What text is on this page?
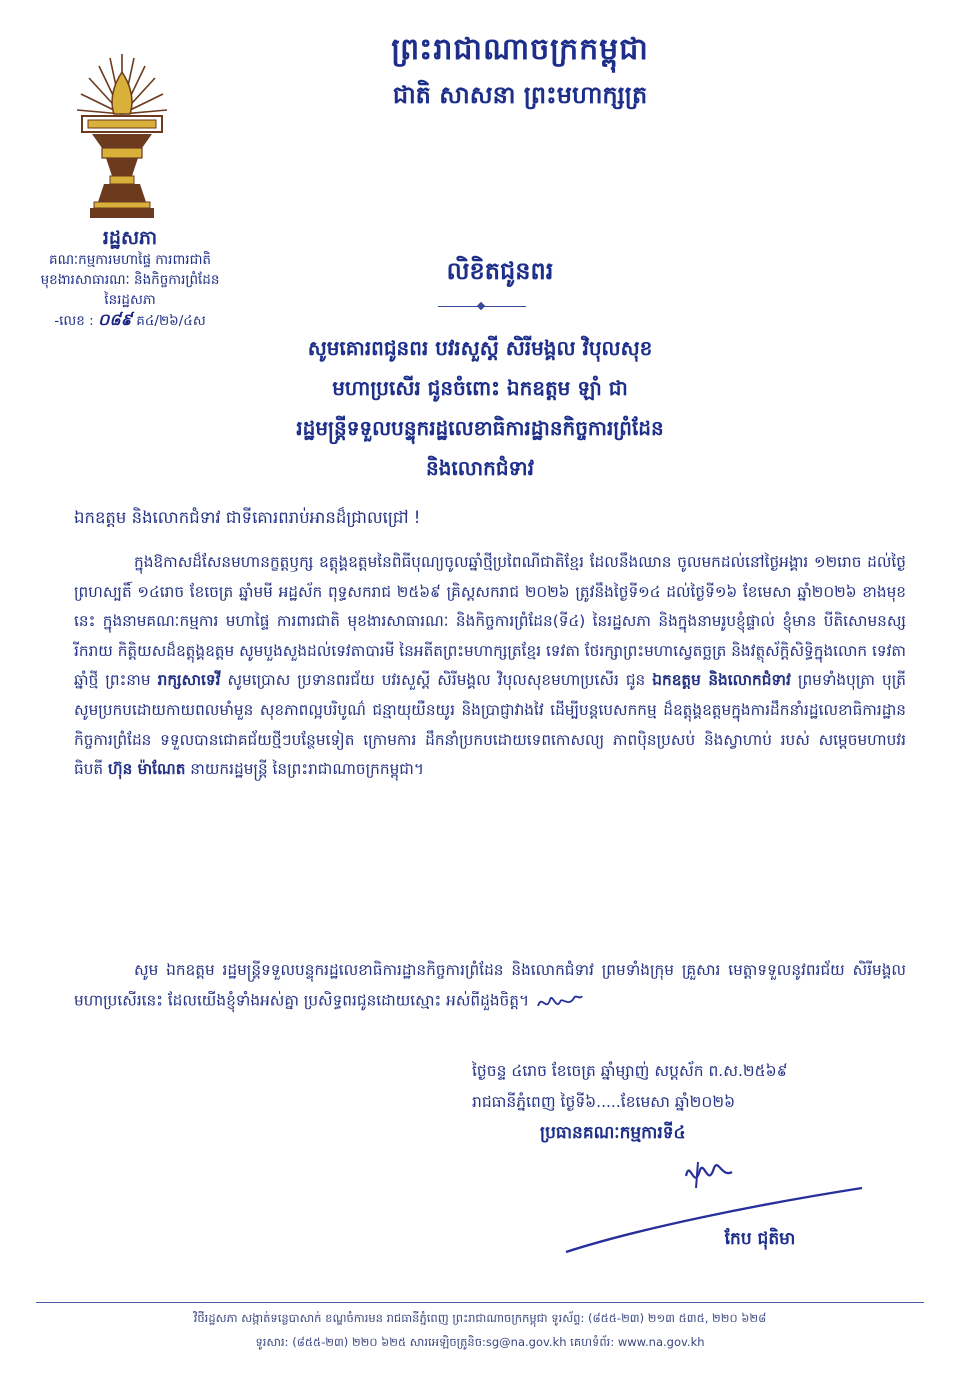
ព្រះរាជាណាចក្រកម្ពុជា
ជាតិ សាសនា ព្រះមហាក្សត្រ
រដ្ឋសភា
គណៈកម្មការមហាផ្ទៃ ការពារជាតិ
មុខងារសាធារណៈ និងកិច្ចការព្រំដែន
នៃរដ្ឋសភា
-លេខ : ០៨៩ គ៤/២៦/៤ស
លិខិតជូនពរ
សូមគោរពជូនពរ បវរសួស្តី សិរីមង្គល វិបុលសុខ
មហាប្រសើរ ជូនចំពោះ ឯកឧត្តម ឡាំ ជា
រដ្ឋមន្ត្រីទទួលបន្ទុករដ្ឋលេខាធិការដ្ឋានកិច្ចការព្រំដែន
និងលោកជំទាវ
ឯកឧត្តម និងលោកជំទាវ ជាទីគោរពរាប់អានដ៏ជ្រាលជ្រៅ !
ក្នុងឱកាសដ៏សែនមហានក្ខត្តឫក្ស ឧត្តុង្គឧត្តមនៃពិធីបុណ្យចូលឆ្នាំថ្មីប្រពៃណីជាតិខ្មែរ ដែលនឹងឈាន ចូលមកដល់នៅថ្ងៃអង្គារ ១២រោច ដល់ថ្ងៃព្រហស្បតិ៍ ១៤រោច ខែចេត្រ ឆ្នាំមមី អដ្ឋស័ក ពុទ្ធសករាជ ២៥៦៩ គ្រិស្តសករាជ ២០២៦ ត្រូវនឹងថ្ងៃទី១៤ ដល់ថ្ងៃទី១៦ ខែមេសា ឆ្នាំ២០២៦ ខាងមុខនេះ ក្នុងនាមគណៈកម្មការ មហាផ្ទៃ ការពារជាតិ មុខងារសាធារណៈ និងកិច្ចការព្រំដែន(ទី៤) នៃរដ្ឋសភា និងក្នុងនាមរូបខ្ញុំផ្ទាល់ ខ្ញុំមាន បីតិសោមនស្សរីករាយ កិត្តិយសដ៏ឧត្តុង្គឧត្តម សូមបួងសួងដល់ទេវតាបារមី នៃអតីតព្រះមហាក្សត្រខ្មែរ ទេវតា ថែរក្សាព្រះមហាស្វេតច្ឆត្រ និងវត្ថុស័ក្តិសិទ្ធិក្នុងលោក ទេវតាឆ្នាំថ្មី ព្រះនាម រាក្សសាទេវី សូមប្រោស ប្រទានពរជ័យ បវរសួស្តី សិរីមង្គល វិបុលសុខមហាប្រសើរ ជូន ឯកឧត្តម និងលោកជំទាវ ព្រមទាំងបុត្រា បុត្រី សូមប្រកបដោយកាយពលមាំមួន សុខភាពល្អបរិបូណ៌ ជន្មាយុយឺនយូរ និងប្រាជ្ញាវាងវៃ ដើម្បីបន្តបេសកកម្ម ដ៏ឧត្តុង្គឧត្តមក្នុងការដឹកនាំរដ្ឋលេខាធិការដ្ឋានកិច្ចការព្រំដែន ទទួលបានជោគជ័យថ្មីៗបន្ថែមទៀត ក្រោមការ ដឹកនាំប្រកបដោយទេពកោសល្យ ភាពប៉ិនប្រសប់ និងស្វាហាប់ របស់ សម្តេចមហាបវរធិបតី ហ៊ុន ម៉ាណែត នាយករដ្ឋមន្ត្រី នៃព្រះរាជាណាចក្រកម្ពុជា។
សូម ឯកឧត្តម រដ្ឋមន្ត្រីទទួលបន្ទុករដ្ឋលេខាធិការដ្ឋានកិច្ចការព្រំដែន និងលោកជំទាវ ព្រមទាំងក្រុម គ្រួសារ មេត្តាទទួលនូវពរជ័យ សិរីមង្គលមហាប្រសើរនេះ ដែលយើងខ្ញុំទាំងអស់គ្នា ប្រសិទ្ធពរជូនដោយស្មោះ អស់ពីដួងចិត្ត។
ថ្ងៃចន្ទ ៤រោច ខែចេត្រ ឆ្នាំម្សាញ់ សប្តស័ក ព.ស.២៥៦៩
រាជធានីភ្នំពេញ ថ្ងៃទី៦.....ខែមេសា ឆ្នាំ២០២៦
ប្រធានគណៈកម្មការទី៤
កែប ជុតិមា
វិថីរដ្ឋសភា សង្កាត់ទន្លេបាសាក់ ខណ្ឌចំការមន រាជធានីភ្នំពេញ ព្រះរាជាណាចក្រកម្ពុជា ទូរស័ព្ទ: (៨៥៥-២៣) ២១៣ ៥៣៥, ២២០ ៦២៨
ទូរសារ: (៨៥៥-២៣) ២២០ ៦២៥ សារអេឡិចត្រូនិច:sg@na.gov.kh គេហទំព័រ: www.na.gov.kh
